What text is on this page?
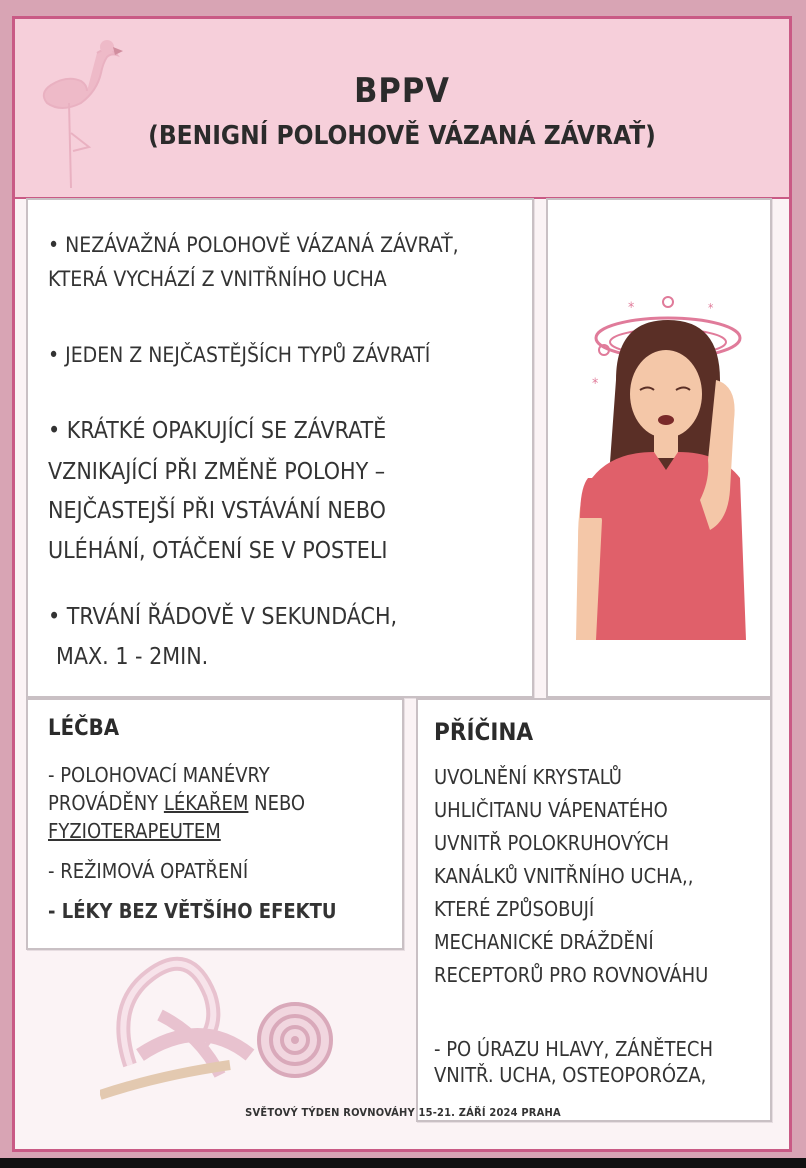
BPPV
(BENIGNÍ POLOHOVĚ VÁZANÁ ZÁVRAŤ)
• NEZÁVAŽNÁ POLOHOVĚ VÁZANÁ ZÁVRAŤ,
KTERÁ VYCHÁZÍ Z VNITŘNÍHO UCHA
• JEDEN Z NEJČASTĚJŠÍCH TYPŮ ZÁVRATÍ
• KRÁTKÉ OPAKUJÍCÍ SE ZÁVRATĚ
VZNIKAJÍCÍ PŘI ZMĚNĚ POLOHY –
NEJČASTEJŠÍ PŘI VSTÁVÁNÍ NEBO
ULÉHÁNÍ, OTÁČENÍ SE V POSTELI
• TRVÁNÍ ŘÁDOVĚ V SEKUNDÁCH,
MAX. 1 - 2MIN.
*	*
*
LÉČBA
- POLOHOVACÍ MANÉVRY
PROVÁDĚNY LÉKAŘEM NEBO
FYZIOTERAPEUTEM
- REŽIMOVÁ OPATŘENÍ
- LÉKY BEZ VĚTŠÍHO EFEKTU
PŘÍČINA
UVOLNĚNÍ KRYSTALŮ
UHLIČITANU VÁPENATÉHO
UVNITŘ POLOKRUHOVÝCH
KANÁLKŮ VNITŘNÍHO UCHA,,
KTERÉ ZPŮSOBUJÍ
MECHANICKÉ DRÁŽDĚNÍ
RECEPTORŮ PRO ROVNOVÁHU
- PO ÚRAZU HLAVY, ZÁNĚTECH
VNITŘ. UCHA, OSTEOPORÓZA,
SVĚTOVÝ TÝDEN ROVNOVÁHY 15-21. ZÁŘÍ 2024 PRAHA
